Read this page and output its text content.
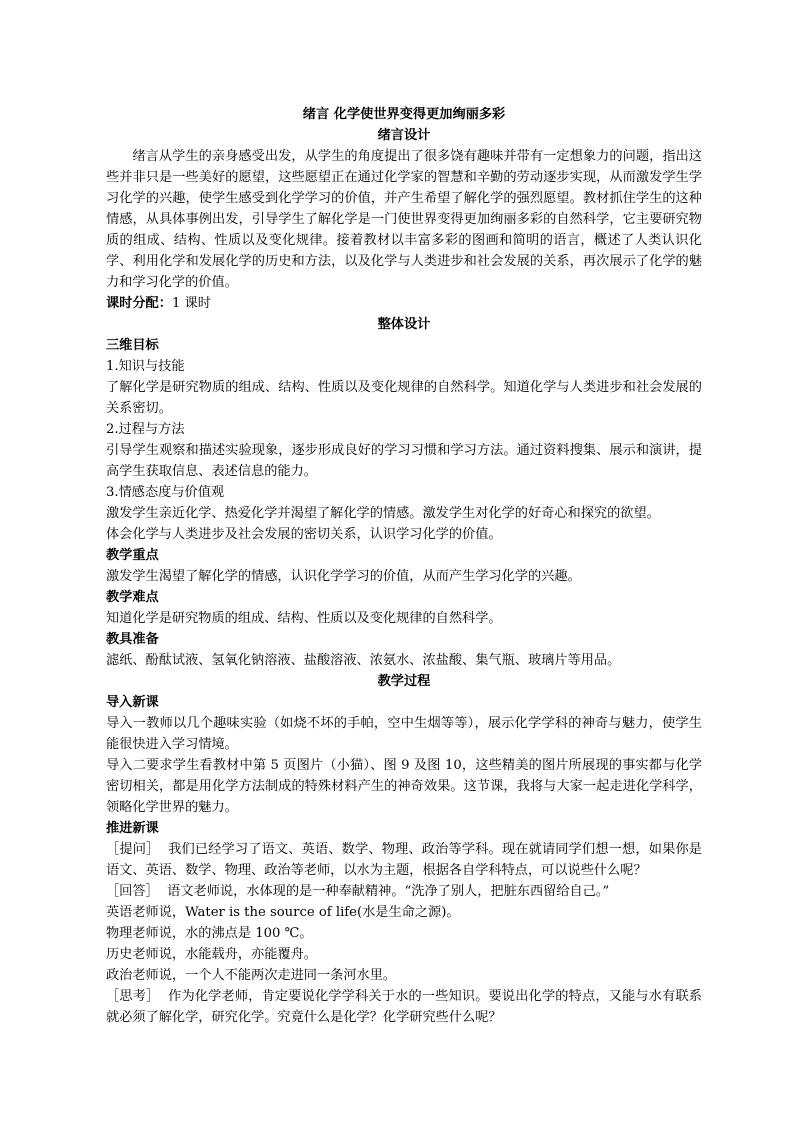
绪言 化学使世界变得更加绚丽多彩

绪言设计

绪言从学生的亲身感受出发，从学生的角度提出了很多饶有趣味并带有一定想象力的问题，指出这些并非只是一些美好的愿望，这些愿望正在通过化学家的智慧和辛勤的劳动逐步实现，从而激发学生学习化学的兴趣，使学生感受到化学学习的价值，并产生希望了解化学的强烈愿望。教材抓住学生的这种情感，从具体事例出发，引导学生了解化学是一门使世界变得更加绚丽多彩的自然科学，它主要研究物质的组成、结构、性质以及变化规律。接着教材以丰富多彩的图画和简明的语言，概述了人类认识化学、利用化学和发展化学的历史和方法，以及化学与人类进步和社会发展的关系，再次展示了化学的魅力和学习化学的价值。

课时分配：1 课时

整体设计

三维目标

1.知识与技能

了解化学是研究物质的组成、结构、性质以及变化规律的自然科学。知道化学与人类进步和社会发展的关系密切。

2.过程与方法

引导学生观察和描述实验现象，逐步形成良好的学习习惯和学习方法。通过资料搜集、展示和演讲，提高学生获取信息、表述信息的能力。

3.情感态度与价值观

激发学生亲近化学、热爱化学并渴望了解化学的情感。激发学生对化学的好奇心和探究的欲望。

体会化学与人类进步及社会发展的密切关系，认识学习化学的价值。

教学重点

激发学生渴望了解化学的情感，认识化学学习的价值，从而产生学习化学的兴趣。

教学难点

知道化学是研究物质的组成、结构、性质以及变化规律的自然科学。

教具准备

滤纸、酚酞试液、氢氧化钠溶液、盐酸溶液、浓氨水、浓盐酸、集气瓶、玻璃片等用品。

教学过程

导入新课

导入一教师以几个趣味实验（如烧不坏的手帕，空中生烟等等），展示化学学科的神奇与魅力，使学生能很快进入学习情境。

导入二要求学生看教材中第 5 页图片（小猫）、图 9 及图 10，这些精美的图片所展现的事实都与化学密切相关，都是用化学方法制成的特殊材料产生的神奇效果。这节课，我将与大家一起走进化学科学，领略化学世界的魅力。

推进新课

［提问］ 我们已经学习了语文、英语、数学、物理、政治等学科。现在就请同学们想一想，如果你是语文、英语、数学、物理、政治等老师，以水为主题，根据各自学科特点，可以说些什么呢？

［回答］ 语文老师说，水体现的是一种奉献精神。“洗净了别人，把脏东西留给自己。”

英语老师说，Water is the source of life(水是生命之源)。

物理老师说，水的沸点是 100 ℃。

历史老师说，水能载舟，亦能覆舟。

政治老师说，一个人不能两次走进同一条河水里。

［思考］ 作为化学老师，肯定要说化学学科关于水的一些知识。要说出化学的特点，又能与水有联系就必须了解化学，研究化学。究竟什么是化学？化学研究些什么呢？
